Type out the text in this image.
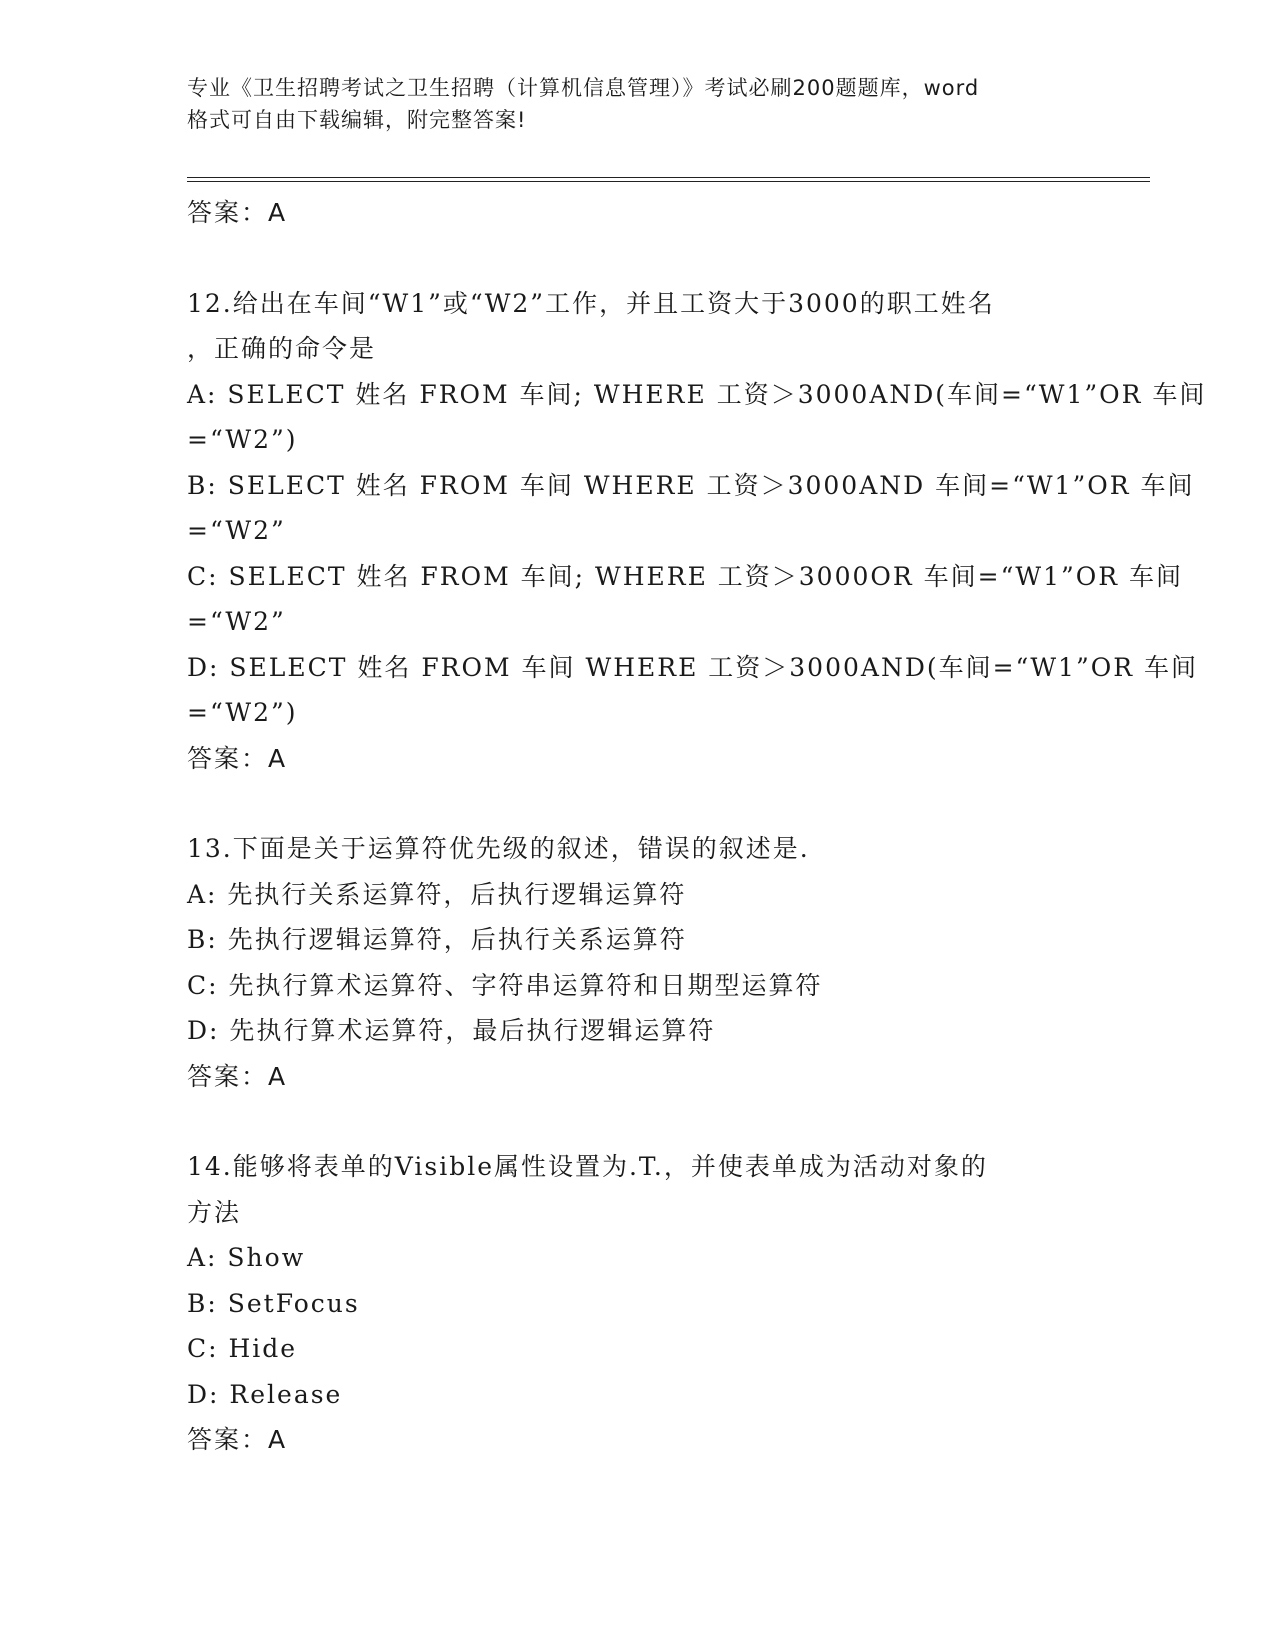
专业《卫生招聘考试之卫生招聘（计算机信息管理）》考试必刷200题题库，word
格式可自由下载编辑，附完整答案!
答案：A
12.给出在车间“W1”或“W2”工作，并且工资大于3000的职工姓名
，正确的命令是
A: SELECT 姓名 FROM 车间; WHERE 工资＞3000AND(车间=“W1”OR 车间
=“W2”)
B: SELECT 姓名 FROM 车间 WHERE 工资＞3000AND 车间=“W1”OR 车间
=“W2”
C: SELECT 姓名 FROM 车间; WHERE 工资＞3000OR 车间=“W1”OR 车间
=“W2”
D: SELECT 姓名 FROM 车间 WHERE 工资＞3000AND(车间=“W1”OR 车间
=“W2”)
答案：A
13.下面是关于运算符优先级的叙述，错误的叙述是.
A: 先执行关系运算符，后执行逻辑运算符
B: 先执行逻辑运算符，后执行关系运算符
C: 先执行算术运算符、字符串运算符和日期型运算符
D: 先执行算术运算符，最后执行逻辑运算符
答案：A
14.能够将表单的Visible属性设置为.T.，并使表单成为活动对象的
方法
A: Show
B: SetFocus
C: Hide
D: Release
答案：A
